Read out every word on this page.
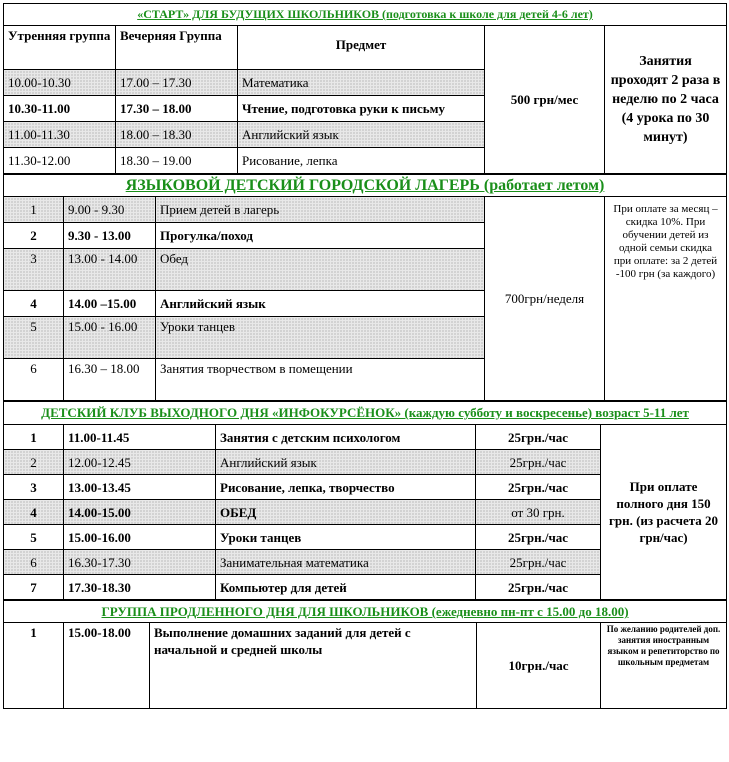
«СТАРТ» ДЛЯ БУДУЩИХ ШКОЛЬНИКОВ (подготовка к школе для детей 4-6 лет)				
Утренняя группа	Вечерняя Группа	Предмет	500 грн/мес	Занятия проходят 2 раза в неделю по 2 часа (4 урока по 30 минут)
10.00-10.30	17.00 – 17.30	Математика		
10.30-11.00	17.30 – 18.00	Чтение, подготовка руки к письму		
11.00-11.30	18.00 – 18.30	Английский язык		
11.30-12.00	18.30 – 19.00	Рисование, лепка		
ЯЗЫКОВОЙ ДЕТСКИЙ ГОРОДСКОЙ ЛАГЕРЬ (работает летом)				
1	9.00 - 9.30	Прием детей в лагерь	700грн/неделя	При оплате за месяц – скидка 10%. При обучении детей из одной семьи скидка при оплате: за 2 детей -100 грн (за каждого)
2	9.30 - 13.00	Прогулка/поход		
3	13.00 - 14.00	Обед		
4	14.00 –15.00	Английский язык		
5	15.00 - 16.00	Уроки танцев		
6	16.30 – 18.00	Занятия творчеством в помещении		
ДЕТСКИЙ КЛУБ ВЫХОДНОГО ДНЯ «ИНФОКУРСЁНОК» (каждую субботу и воскресенье) возраст 5-11 лет				
1	11.00-11.45	Занятия с детским психологом	25грн./час	При оплате полного дня 150 грн. (из расчета 20 грн/час)
2	12.00-12.45	Английский язык	25грн./час	
3	13.00-13.45	Рисование, лепка, творчество	25грн./час	
4	14.00-15.00	ОБЕД	от 30 грн.	
5	15.00-16.00	Уроки танцев	25грн./час	
6	16.30-17.30	Занимательная математика	25грн./час	
7	17.30-18.30	Компьютер для детей	25грн./час	
ГРУППА ПРОДЛЕННОГО ДНЯ ДЛЯ ШКОЛЬНИКОВ (ежедневно пн-пт с 15.00 до 18.00)
1	15.00-18.00	Выполнение домашних заданий для детей с начальной и средней школы	10грн./час	По желанию родителей доп. занятия иностранным языком и репетиторство по школьным предметам
